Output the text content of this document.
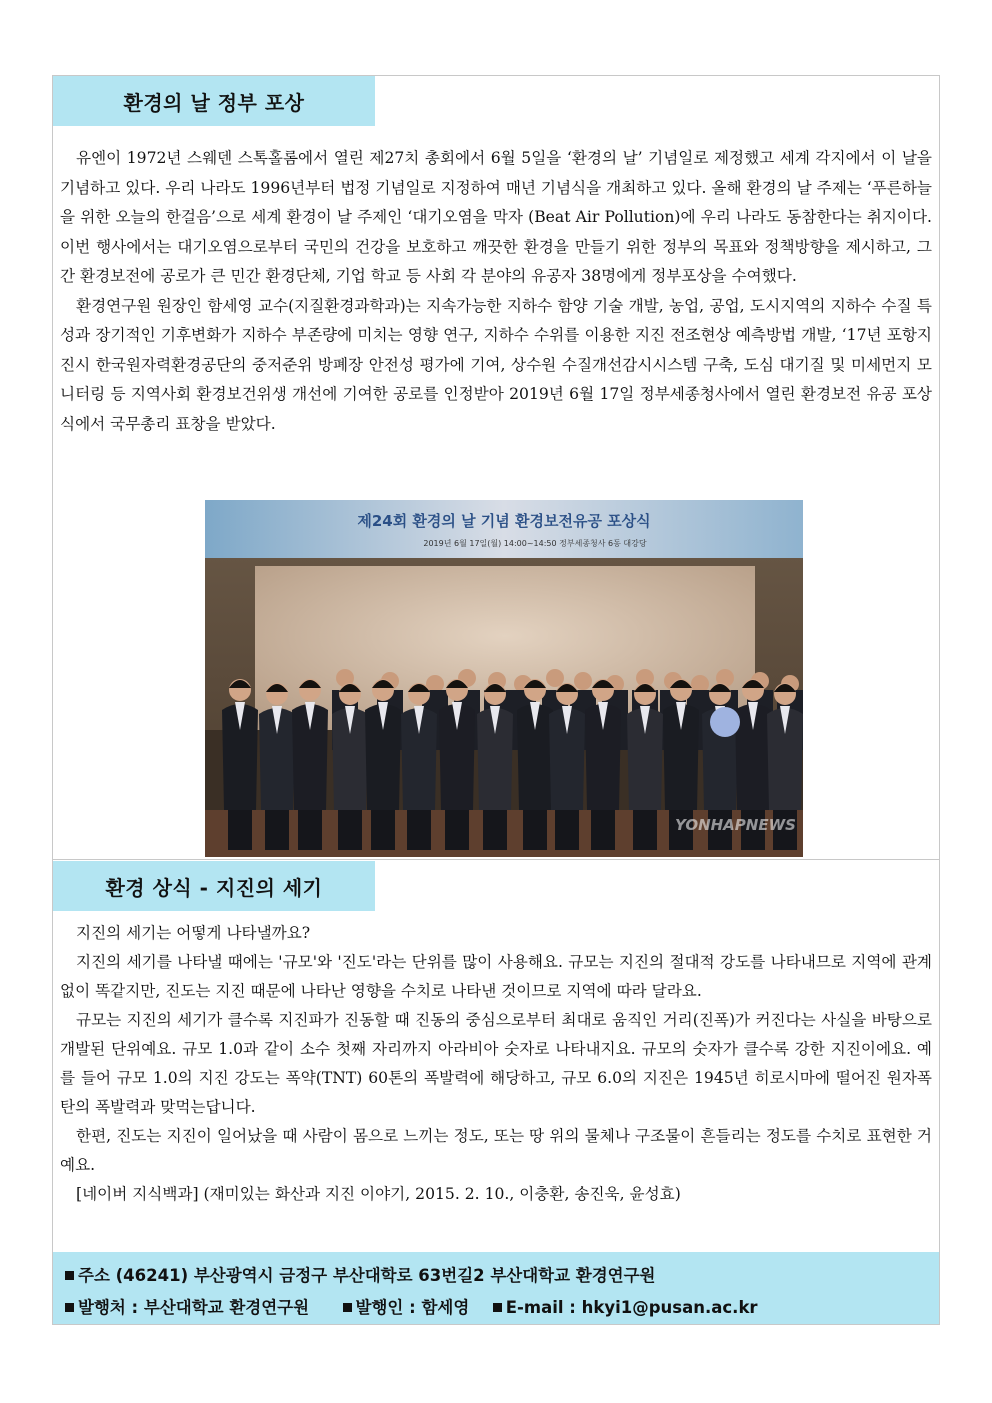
환경의 날 정부 포상

유엔이 1972년 스웨덴 스톡홀롬에서 열린 제27치 총회에서 6월 5일을 ‘환경의 날’ 기념일로 제정했고 세계 각지에서 이 날을 기념하고 있다. 우리 나라도 1996년부터 법정 기념일로 지정하여 매년 기념식을 개최하고 있다. 올해 환경의 날 주제는 ‘푸른하늘을 위한 오늘의 한걸음’으로 세계 환경이 날 주제인 ‘대기오염을 막자 (Beat Air Pollution)에 우리 나라도 동참한다는 취지이다. 이번 행사에서는 대기오염으로부터 국민의 건강을 보호하고 깨끗한 환경을 만들기 위한 정부의 목표와 정책방향을 제시하고, 그간 환경보전에 공로가 큰 민간 환경단체, 기업 학교 등 사회 각 분야의 유공자 38명에게 정부포상을 수여했다.

환경연구원 원장인 함세영 교수(지질환경과학과)는 지속가능한 지하수 함양 기술 개발, 농업, 공업, 도시지역의 지하수 수질 특성과 장기적인 기후변화가 지하수 부존량에 미치는 영향 연구, 지하수 수위를 이용한 지진 전조현상 예측방법 개발, ‘17년 포항지진시 한국원자력환경공단의 중저준위 방폐장 안전성 평가에 기여, 상수원 수질개선감시시스템 구축, 도심 대기질 및 미세먼지 모니터링 등 지역사회 환경보건위생 개선에 기여한 공로를 인정받아 2019년 6월 17일 정부세종청사에서 열린 환경보전 유공 포상식에서 국무총리 표창을 받았다.

제24회 환경의 날 기념 환경보전유공 포상식
2019년 6월 17일(월) 14:00~14:50 정부세종청사 6동 대강당
YONHAPNEWS
환경 상식 - 지진의 세기

지진의 세기는 어떻게 나타낼까요?

지진의 세기를 나타낼 때에는 '규모'와 '진도'라는 단위를 많이 사용해요. 규모는 지진의 절대적 강도를 나타내므로 지역에 관계없이 똑같지만, 진도는 지진 때문에 나타난 영향을 수치로 나타낸 것이므로 지역에 따라 달라요.

규모는 지진의 세기가 클수록 지진파가 진동할 때 진동의 중심으로부터 최대로 움직인 거리(진폭)가 커진다는 사실을 바탕으로 개발된 단위예요. 규모 1.0과 같이 소수 첫째 자리까지 아라비아 숫자로 나타내지요. 규모의 숫자가 클수록 강한 지진이에요. 예를 들어 규모 1.0의 지진 강도는 폭약(TNT) 60톤의 폭발력에 해당하고, 규모 6.0의 지진은 1945년 히로시마에 떨어진 원자폭탄의 폭발력과 맞먹는답니다.

한편, 진도는 지진이 일어났을 때 사람이 몸으로 느끼는 정도, 또는 땅 위의 물체나 구조물이 흔들리는 정도를 수치로 표현한 거예요.

[네이버 지식백과] (재미있는 화산과 지진 이야기, 2015. 2. 10., 이충환, 송진욱, 윤성효)

주소 (46241) 부산광역시 금정구 부산대학로 63번길2 부산대학교 환경연구원
발행처 : 부산대학교 환경연구원	발행인 : 함세영 E-mail : hkyi1@pusan.ac.kr
